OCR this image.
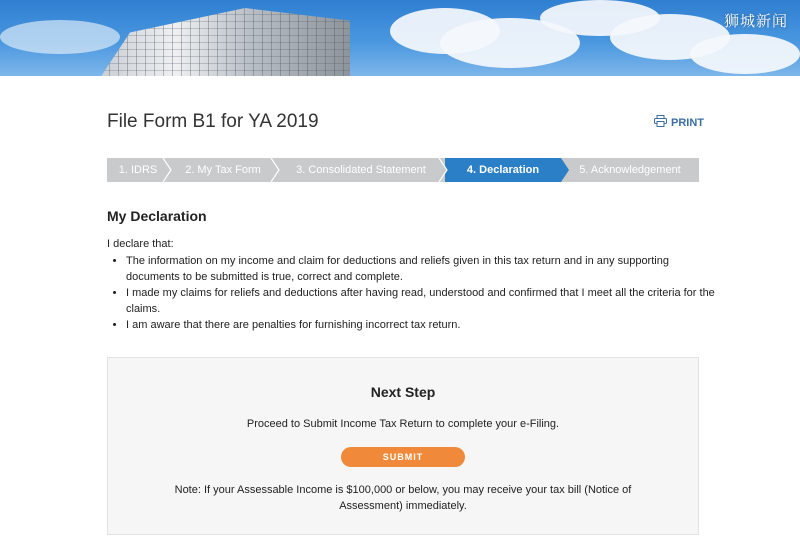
狮城新闻
File Form B1 for YA 2019	PRINT
1. IDRS	2. My Tax Form	3. Consolidated Statement	4. Declaration	5. Acknowledgement
My Declaration
I declare that:
• The information on my income and claim for deductions and reliefs given in this tax return and in any supporting documents to be submitted is true, correct and complete.
• I made my claims for reliefs and deductions after having read, understood and confirmed that I meet all the criteria for the claims.
• I am aware that there are penalties for furnishing incorrect tax return.
Next Step
Proceed to Submit Income Tax Return to complete your e-Filing.
SUBMIT
Note: If your Assessable Income is $100,000 or below, you may receive your tax bill (Notice of Assessment) immediately.
